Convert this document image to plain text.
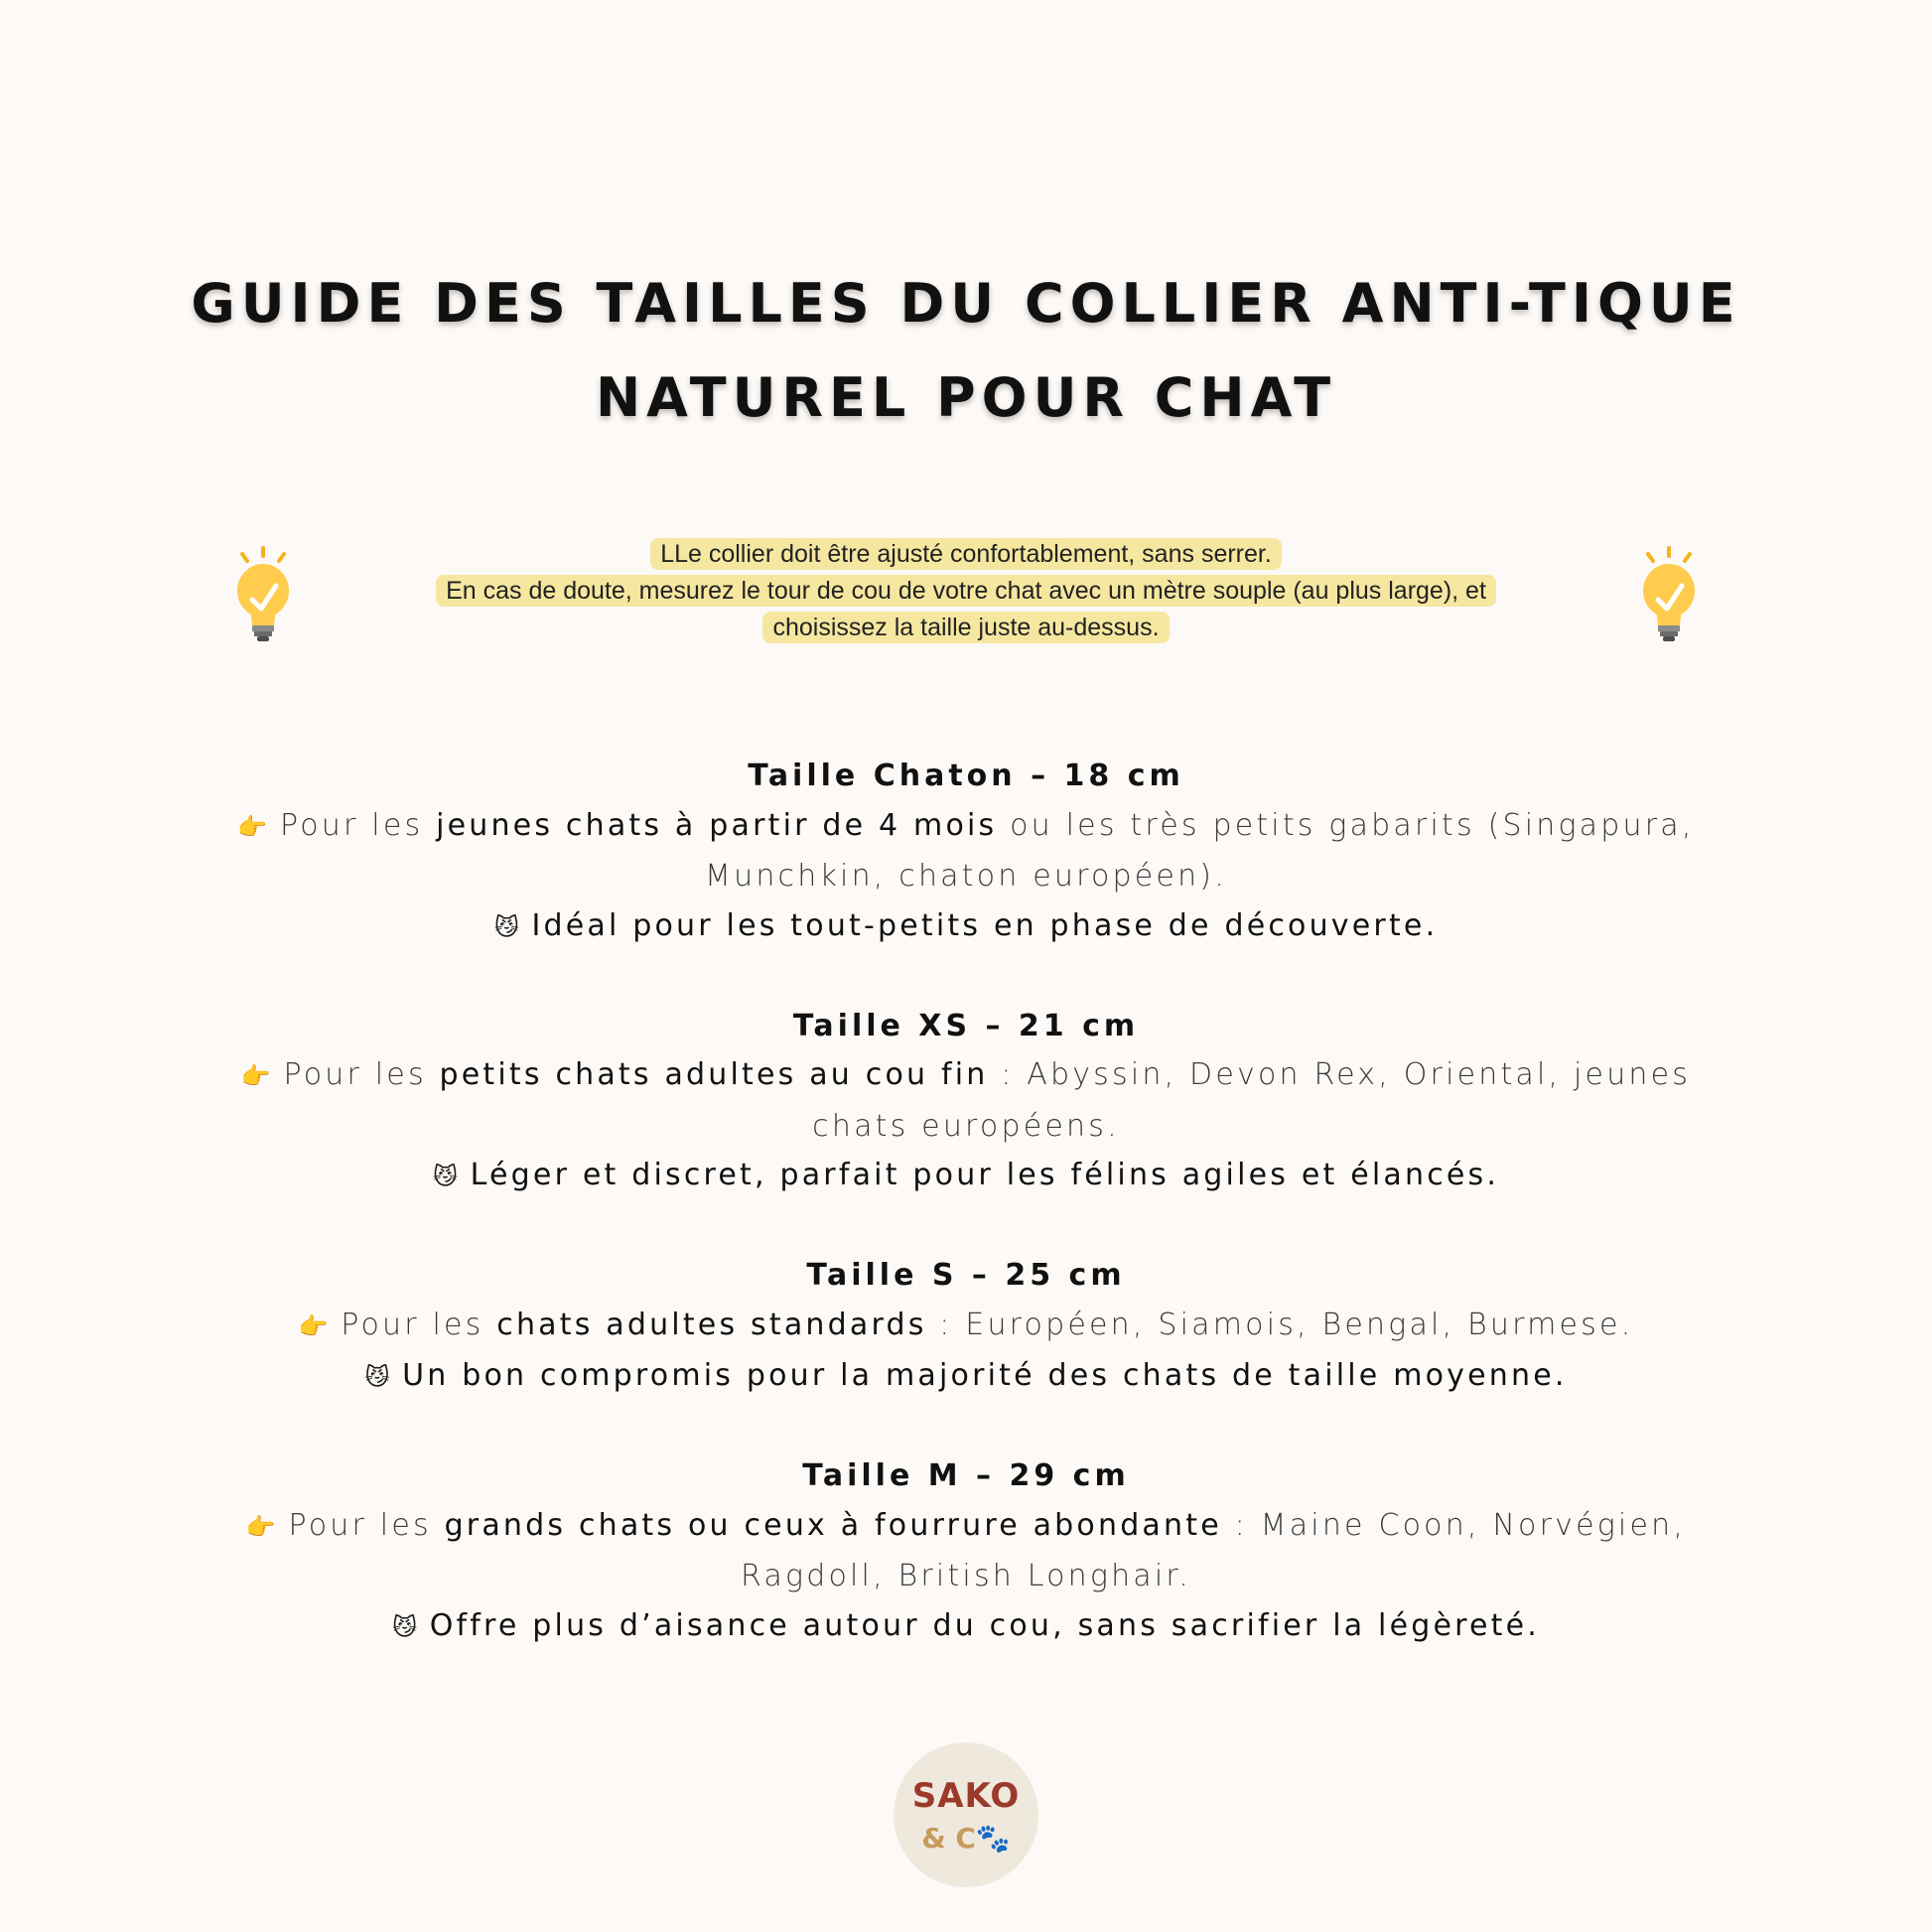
GUIDE DES TAILLES DU COLLIER ANTI-TIQUE
NATUREL POUR CHAT
LLe collier doit être ajusté confortablement, sans serrer.
En cas de doute, mesurez le tour de cou de votre chat avec un mètre souple (au plus large), et
choisissez la taille juste au-dessus.
Taille Chaton – 18 cm
👉 Pour les jeunes chats à partir de 4 mois ou les très petits gabarits (Singapura, Munchkin, chaton européen).
😼 Idéal pour les tout-petits en phase de découverte.
Taille XS – 21 cm
👉 Pour les petits chats adultes au cou fin : Abyssin, Devon Rex, Oriental, jeunes chats européens.
😼 Léger et discret, parfait pour les félins agiles et élancés.
Taille S – 25 cm
👉 Pour les chats adultes standards : Européen, Siamois, Bengal, Burmese.
😼 Un bon compromis pour la majorité des chats de taille moyenne.
Taille M – 29 cm
👉 Pour les grands chats ou ceux à fourrure abondante : Maine Coon, Norvégien, Ragdoll, British Longhair.
😼 Offre plus d’aisance autour du cou, sans sacrifier la légèreté.
SAKO
& C🐾
